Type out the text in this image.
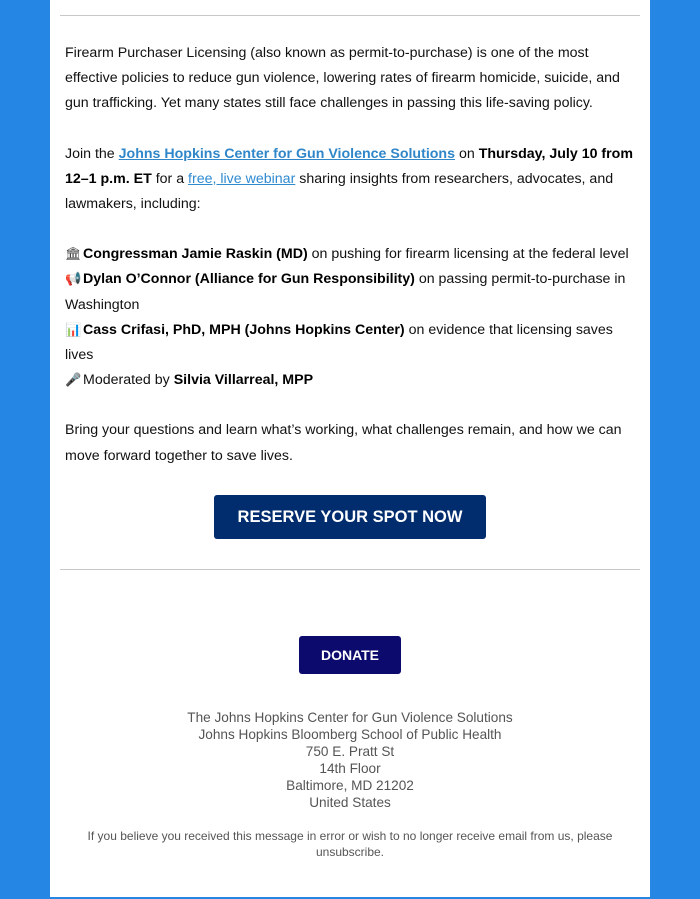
Firearm Purchaser Licensing (also known as permit-to-purchase) is one of the most effective policies to reduce gun violence, lowering rates of firearm homicide, suicide, and gun trafficking. Yet many states still face challenges in passing this life-saving policy.

Join the Johns Hopkins Center for Gun Violence Solutions on Thursday, July 10 from 12–1 p.m. ET for a free, live webinar sharing insights from researchers, advocates, and lawmakers, including:

🏛Congressman Jamie Raskin (MD) on pushing for firearm licensing at the federal level

📢 Dylan O’Connor (Alliance for Gun Responsibility) on passing permit-to-purchase in Washington

📊 Cass Crifasi, PhD, MPH (Johns Hopkins Center) on evidence that licensing saves lives

🎤 Moderated by Silvia Villarreal, MPP

Bring your questions and learn what’s working, what challenges remain, and how we can move forward together to save lives.

RESERVE YOUR SPOT NOW
DONATE
The Johns Hopkins Center for Gun Violence Solutions
Johns Hopkins Bloomberg School of Public Health
750 E. Pratt St
14th Floor
Baltimore, MD 21202
United States
If you believe you received this message in error or wish to no longer receive email from us, please unsubscribe.
